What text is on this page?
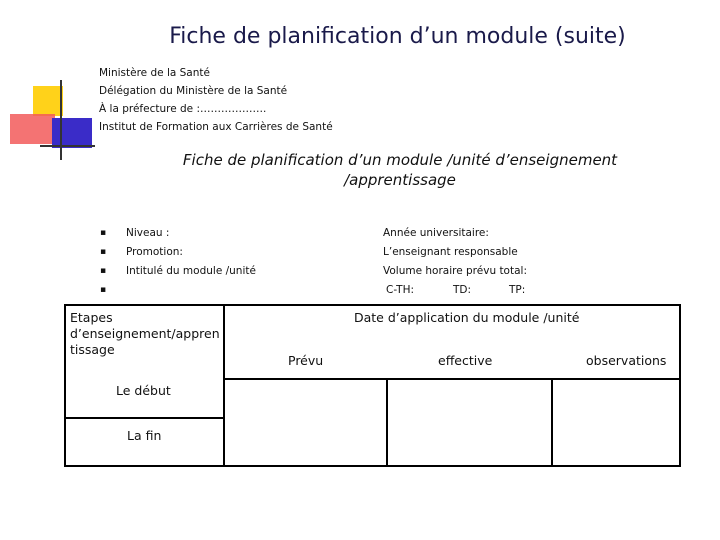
Fiche de planification d’un module (suite)
Ministère de la Santé
Délégation du Ministère de la Santé
À la préfecture de :……………….
Institut de Formation aux Carrières de Santé
Fiche de planification d’un module /unité d’enseignement
/apprentissage
▪	Niveau :
▪	Promotion:
▪	Intitulé du module /unité
▪
Année universitaire:
L’enseignant responsable
Volume horaire prévu total:
C-TH:	TD:	TP:
Etapes
d’enseignement/appren
tissage
Date d’application du module /unité
Prévu	effective	observations
Le début
La fin
